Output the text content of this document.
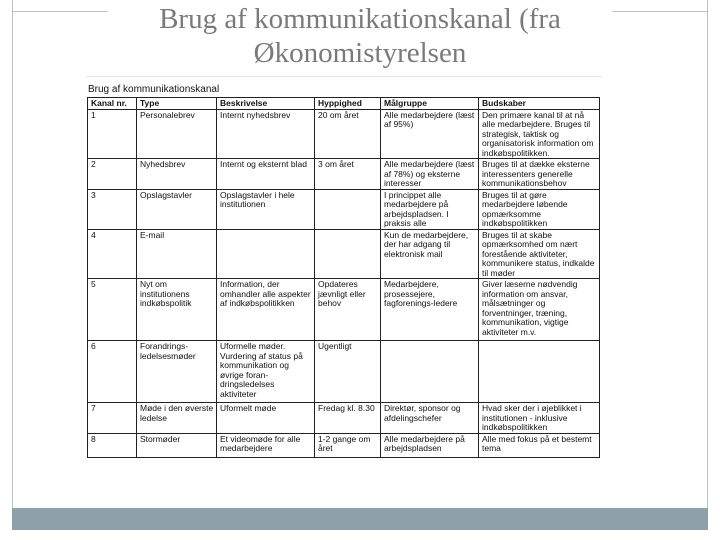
Brug af kommunikationskanal (fra
Økonomistyrelsen
Brug af kommunikationskanal
Kanal nr.	Type	Beskrivelse	Hyppighed	Målgruppe	Budskaber
1	Personalebrev	Internt nyhedsbrev	20 om året	Alle medarbejdere (læst af 95%)	Den primære kanal til at nå alle medarbejdere. Bruges til strategisk, taktisk og organisatorisk information om indkøbspolitikken.
2	Nyhedsbrev	Internt og eksternt blad	3 om året	Alle medarbejdere (læst af 78%) og eksterne interesser	Bruges til at dække eksterne interessenters generelle kommunikationsbehov
3	Opslagstavler	Opslagstavler i hele institutionen		I princippet alle medarbejdere på arbejdspladsen. I praksis alle	Bruges til at gøre medarbejdere løbende opmærksomme indkøbspolitikken
4	E-mail			Kun de medarbejdere, der har adgang til elektronisk mail	Bruges til at skabe opmærksomhed om nært forestående aktiviteter, kommunikere status, indkalde til møder
5	Nyt om institutionens indkøbspolitik	Information, der omhandler alle aspekter af indkøbspolitikken	Opdateres jævnligt eller behov	Medarbejdere, prosessejere, fagforenings-ledere	Giver læserne nødvendig information om ansvar, målsætninger og forventninger, træning, kommunikation, vigtige aktiviteter m.v.
6	Forandrings-ledelsesmøder	Uformelle møder. Vurdering af status på kommunikation og øvrige foran-dringsledelses aktiviteter	Ugentligt		
7	Møde i den øverste ledelse	Uformelt møde	Fredag kl. 8.30	Direktør, sponsor og afdelingschefer	Hvad sker der i øjeblikket i institutionen - inklusive indkøbspolitikken
8	Stormøder	Et videomøde for alle medarbejdere	1-2 gange om året	Alle medarbejdere på arbejdspladsen	Alle med fokus på et bestemt tema
